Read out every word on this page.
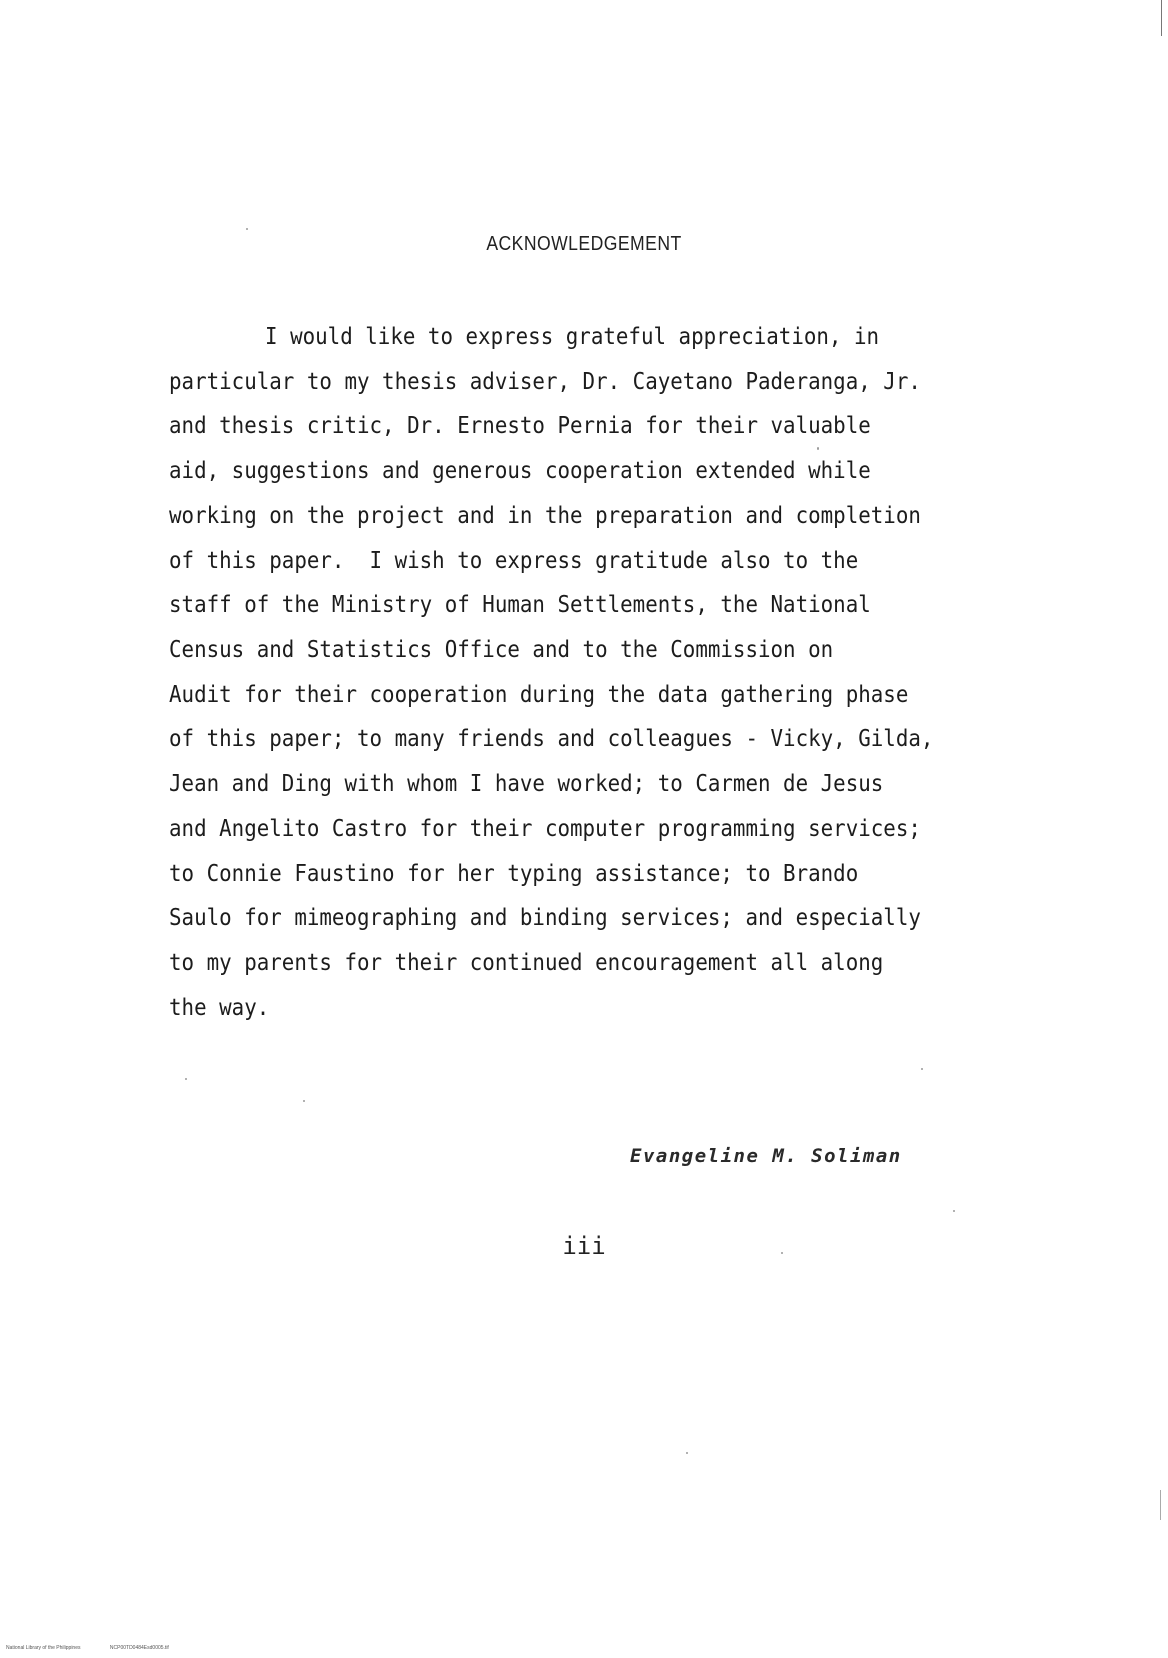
ACKNOWLEDGEMENT
I would like to express grateful appreciation, in
particular to my thesis adviser, Dr. Cayetano Paderanga, Jr.
and thesis critic, Dr. Ernesto Pernia for their valuable
aid, suggestions and generous cooperation extended while
working on the project and in the preparation and completion
of this paper.  I wish to express gratitude also to the
staff of the Ministry of Human Settlements, the National
Census and Statistics Office and to the Commission on
Audit for their cooperation during the data gathering phase
of this paper; to many friends and colleagues - Vicky, Gilda,
Jean and Ding with whom I have worked; to Carmen de Jesus
and Angelito Castro for their computer programming services;
to Connie Faustino for her typing assistance; to Brando
Saulo for mimeographing and binding services; and especially
to my parents for their continued encouragement all along
the way.
Evangeline M. Soliman
iii
National Library of the Philippines	NCP00TD0484Esd0005.tif
